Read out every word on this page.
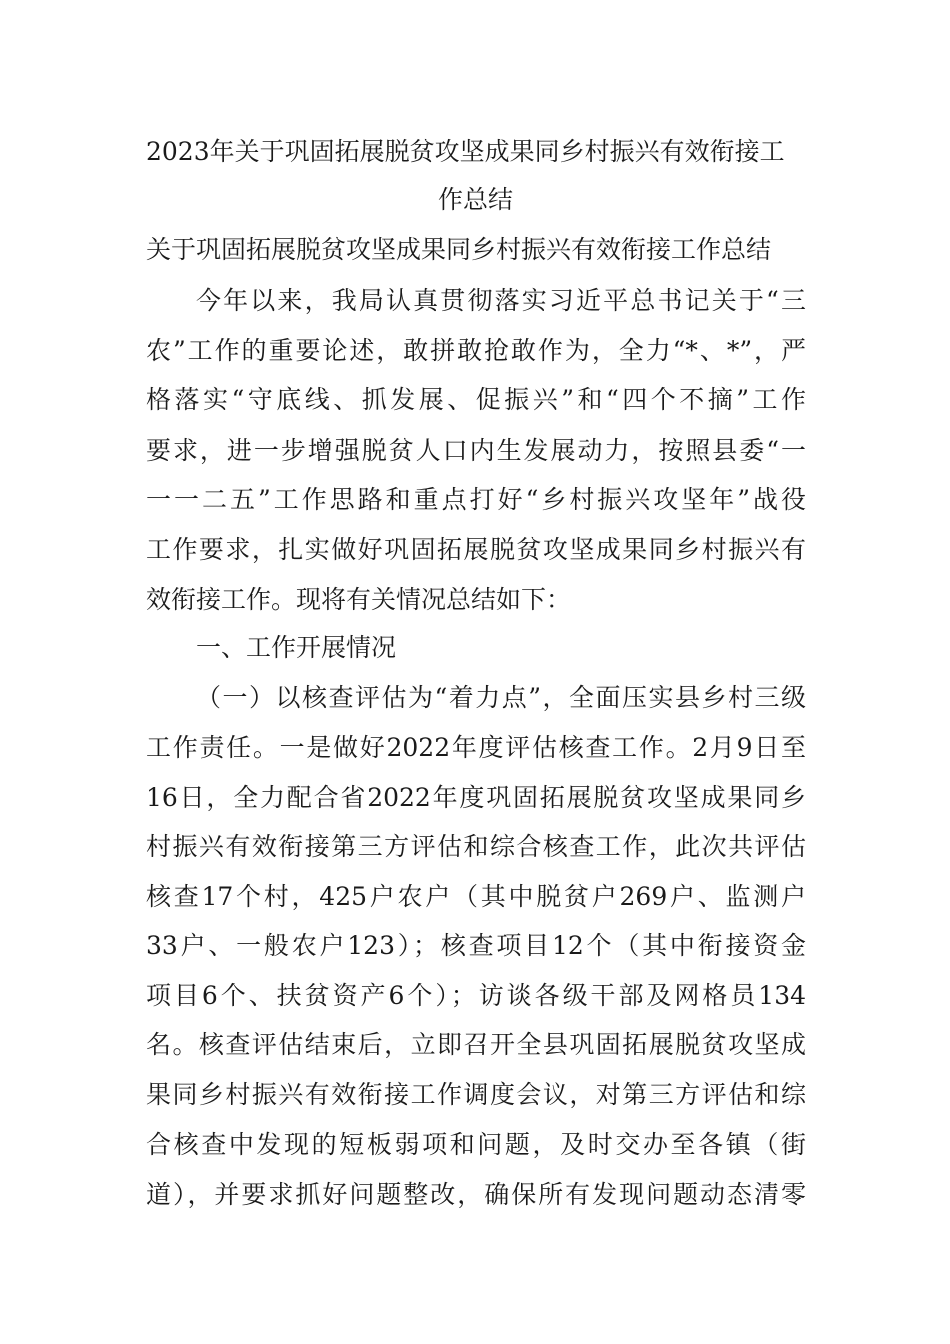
2023年关于巩固拓展脱贫攻坚成果同乡村振兴有效衔接工
作总结
关于巩固拓展脱贫攻坚成果同乡村振兴有效衔接工作总结
今年以来，我局认真贯彻落实习近平总书记关于“三
农”工作的重要论述，敢拼敢抢敢作为，全力“*、*”，严
格落实“守底线、抓发展、促振兴”和“四个不摘”工作
要求，进一步增强脱贫人口内生发展动力，按照县委“一
一一二五”工作思路和重点打好“乡村振兴攻坚年”战役
工作要求，扎实做好巩固拓展脱贫攻坚成果同乡村振兴有
效衔接工作。现将有关情况总结如下：
一、工作开展情况
（一）以核查评估为“着力点”，全面压实县乡村三级
工作责任。一是做好2022年度评估核查工作。2月9日至
16日，全力配合省2022年度巩固拓展脱贫攻坚成果同乡
村振兴有效衔接第三方评估和综合核查工作，此次共评估
核查17个村，425户农户（其中脱贫户269户、监测户
33户、一般农户123）；核查项目12个（其中衔接资金
项目6个、扶贫资产6个）；访谈各级干部及网格员134
名。核查评估结束后，立即召开全县巩固拓展脱贫攻坚成
果同乡村振兴有效衔接工作调度会议，对第三方评估和综
合核查中发现的短板弱项和问题，及时交办至各镇（街
道），并要求抓好问题整改，确保所有发现问题动态清零
